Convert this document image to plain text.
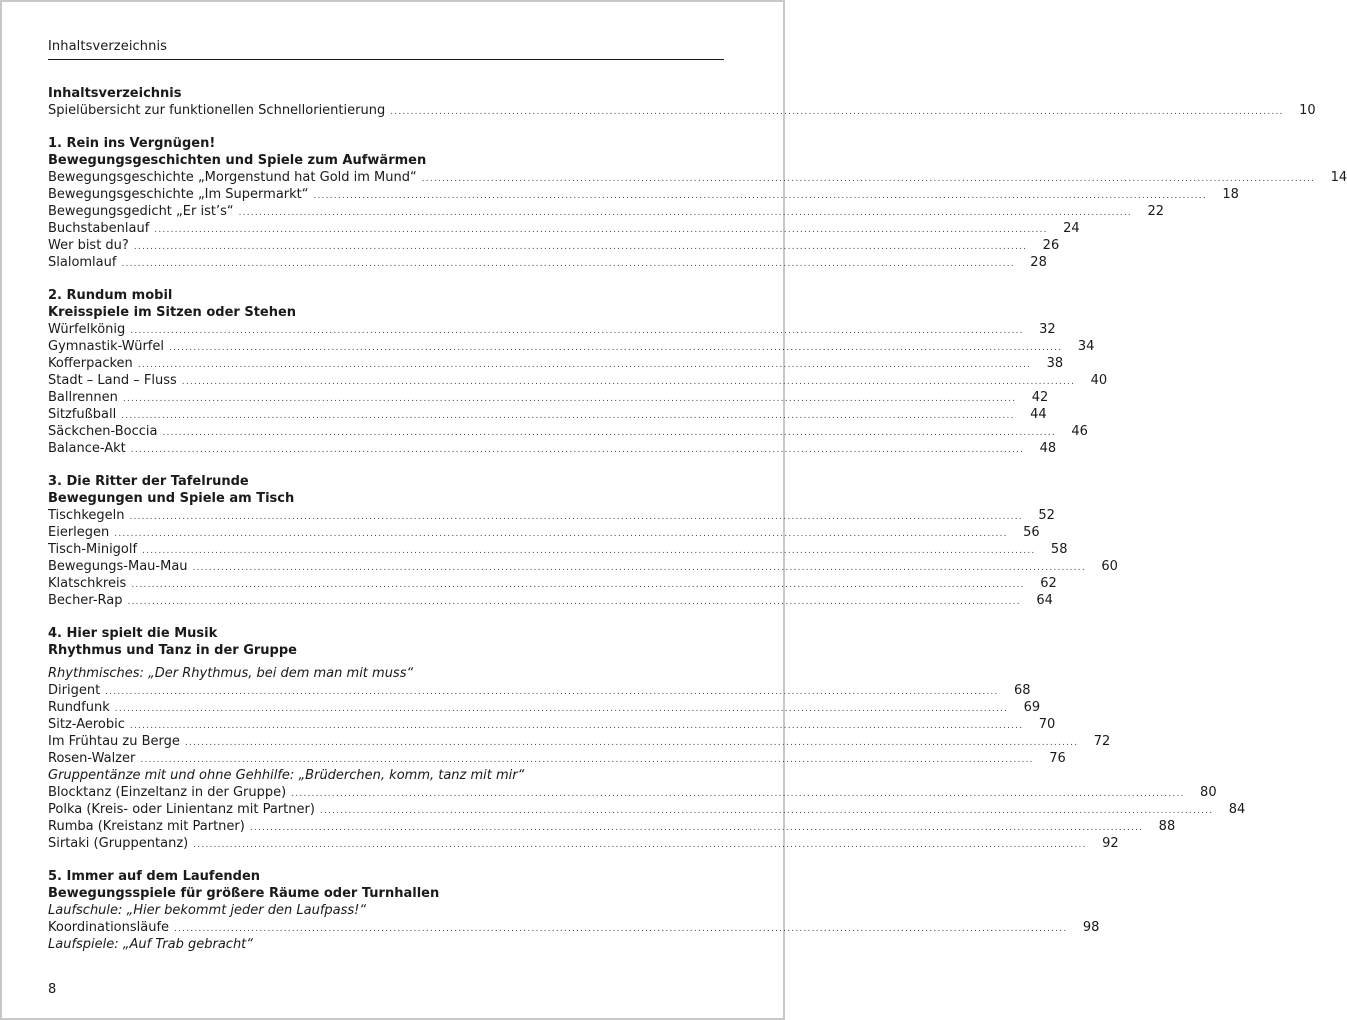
Inhaltsverzeichnis
Inhaltsverzeichnis
Spielübersicht zur funktionellen Schnellorientierung ............................................................................................................................................................................................................................	10
1. Rein ins Vergnügen!
Bewegungsgeschichten und Spiele zum Aufwärmen
Bewegungsgeschichte „Morgenstund hat Gold im Mund“ ............................................................................................................................................................................................................................	14
Bewegungsgeschichte „Im Supermarkt“ ............................................................................................................................................................................................................................	18
Bewegungsgedicht „Er ist’s“ ............................................................................................................................................................................................................................	22
Buchstabenlauf ............................................................................................................................................................................................................................	24
Wer bist du? ............................................................................................................................................................................................................................	26
Slalomlauf ............................................................................................................................................................................................................................	28
2. Rundum mobil
Kreisspiele im Sitzen oder Stehen
Würfelkönig ............................................................................................................................................................................................................................	32
Gymnastik-Würfel ............................................................................................................................................................................................................................	34
Kofferpacken ............................................................................................................................................................................................................................	38
Stadt – Land – Fluss ............................................................................................................................................................................................................................	40
Ballrennen ............................................................................................................................................................................................................................	42
Sitzfußball ............................................................................................................................................................................................................................	44
Säckchen-Boccia ............................................................................................................................................................................................................................	46
Balance-Akt ............................................................................................................................................................................................................................	48
3. Die Ritter der Tafelrunde
Bewegungen und Spiele am Tisch
Tischkegeln ............................................................................................................................................................................................................................	52
Eierlegen ............................................................................................................................................................................................................................	56
Tisch-Minigolf ............................................................................................................................................................................................................................	58
Bewegungs-Mau-Mau ............................................................................................................................................................................................................................	60
Klatschkreis ............................................................................................................................................................................................................................	62
Becher-Rap ............................................................................................................................................................................................................................	64
4. Hier spielt die Musik
Rhythmus und Tanz in der Gruppe
Rhythmisches: „Der Rhythmus, bei dem man mit muss“
Dirigent ............................................................................................................................................................................................................................	68
Rundfunk ............................................................................................................................................................................................................................	69
Sitz-Aerobic ............................................................................................................................................................................................................................	70
Im Frühtau zu Berge ............................................................................................................................................................................................................................	72
Rosen-Walzer ............................................................................................................................................................................................................................	76
Gruppentänze mit und ohne Gehhilfe: „Brüderchen, komm, tanz mit mir“
Blocktanz (Einzeltanz in der Gruppe) ............................................................................................................................................................................................................................	80
Polka (Kreis- oder Linientanz mit Partner) ............................................................................................................................................................................................................................	84
Rumba (Kreistanz mit Partner) ............................................................................................................................................................................................................................	88
Sirtaki (Gruppentanz) ............................................................................................................................................................................................................................	92
5. Immer auf dem Laufenden
Bewegungsspiele für größere Räume oder Turnhallen
Laufschule: „Hier bekommt jeder den Laufpass!“
Koordinationsläufe ............................................................................................................................................................................................................................	98
Laufspiele: „Auf Trab gebracht“
8
